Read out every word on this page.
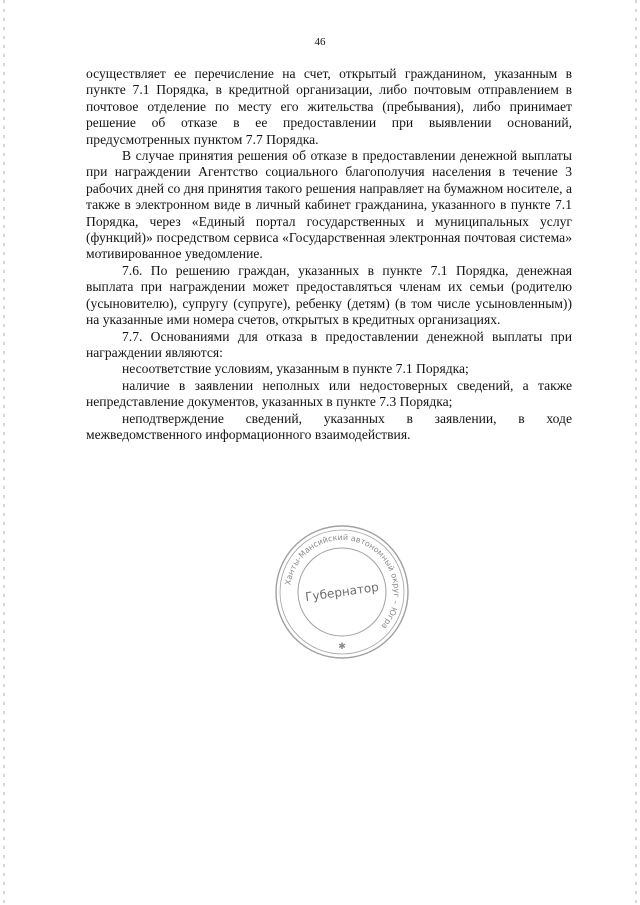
46

осуществляет ее перечисление на счет, открытый гражданином, указанным в пункте 7.1 Порядка, в кредитной организации, либо почтовым отправлением в почтовое отделение по месту его жительства (пребывания), либо принимает решение об отказе в ее предоставлении при выявлении оснований, предусмотренных пунктом 7.7 Порядка.

В случае принятия решения об отказе в предоставлении денежной выплаты при награждении Агентство социального благополучия населения в течение 3 рабочих дней со дня принятия такого решения направляет на бумажном носителе, а также в электронном виде в личный кабинет гражданина, указанного в пункте 7.1 Порядка, через «Единый портал государственных и муниципальных услуг (функций)» посредством сервиса «Государственная электронная почтовая система» мотивированное уведомление.

7.6. По решению граждан, указанных в пункте 7.1 Порядка, денежная выплата при награждении может предоставляться членам их семьи (родителю (усыновителю), супругу (супруге), ребенку (детям) (в том числе усыновленным)) на указанные ими номера счетов, открытых в кредитных организациях.

7.7. Основаниями для отказа в предоставлении денежной выплаты при награждении являются:

несоответствие условиям, указанным в пункте 7.1 Порядка;

наличие в заявлении неполных или недостоверных сведений, а также непредставление документов, указанных в пункте 7.3 Порядка;

неподтверждение сведений, указанных в заявлении, в ходе межведомственного информационного взаимодействия.

Ханты-Мансийский автономный округ – Югра
Губернатор
✱
